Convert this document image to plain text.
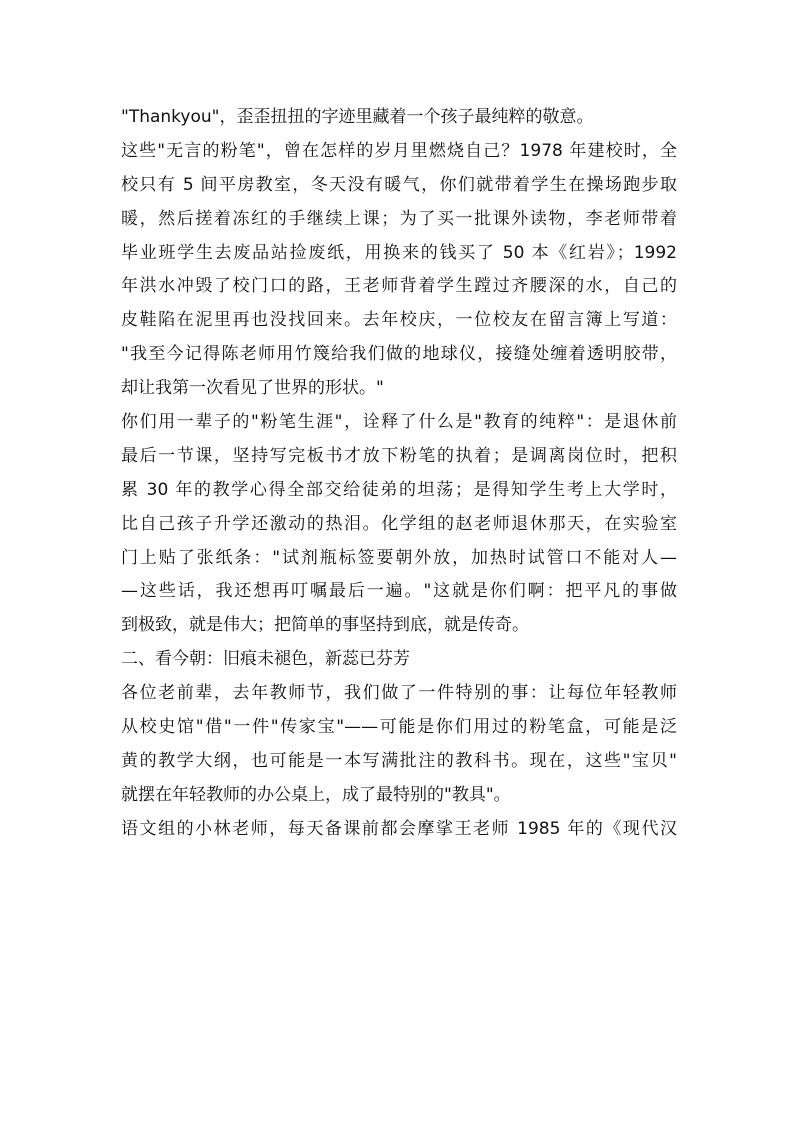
"Thankyou"，歪歪扭扭的字迹里藏着一个孩子最纯粹的敬意。
这些"无言的粉笔"，曾在怎样的岁月里燃烧自己？1978 年建校时，全
校只有 5 间平房教室，冬天没有暖气，你们就带着学生在操场跑步取
暖，然后搓着冻红的手继续上课；为了买一批课外读物，李老师带着
毕业班学生去废品站捡废纸，用换来的钱买了 50 本《红岩》；1992
年洪水冲毁了校门口的路，王老师背着学生蹚过齐腰深的水，自己的
皮鞋陷在泥里再也没找回来。去年校庆，一位校友在留言簿上写道：
"我至今记得陈老师用竹篾给我们做的地球仪，接缝处缠着透明胶带，
却让我第一次看见了世界的形状。"
你们用一辈子的"粉笔生涯"，诠释了什么是"教育的纯粹"：是退休前
最后一节课，坚持写完板书才放下粉笔的执着；是调离岗位时，把积
累 30 年的教学心得全部交给徒弟的坦荡；是得知学生考上大学时，
比自己孩子升学还激动的热泪。化学组的赵老师退休那天，在实验室
门上贴了张纸条："试剂瓶标签要朝外放，加热时试管口不能对人—
—这些话，我还想再叮嘱最后一遍。"这就是你们啊：把平凡的事做
到极致，就是伟大；把简单的事坚持到底，就是传奇。
二、看今朝：旧痕未褪色，新蕊已芬芳
各位老前辈，去年教师节，我们做了一件特别的事：让每位年轻教师
从校史馆"借"一件"传家宝"——可能是你们用过的粉笔盒，可能是泛
黄的教学大纲，也可能是一本写满批注的教科书。现在，这些"宝贝"
就摆在年轻教师的办公桌上，成了最特别的"教具"。
语文组的小林老师，每天备课前都会摩挲王老师 1985 年的《现代汉
